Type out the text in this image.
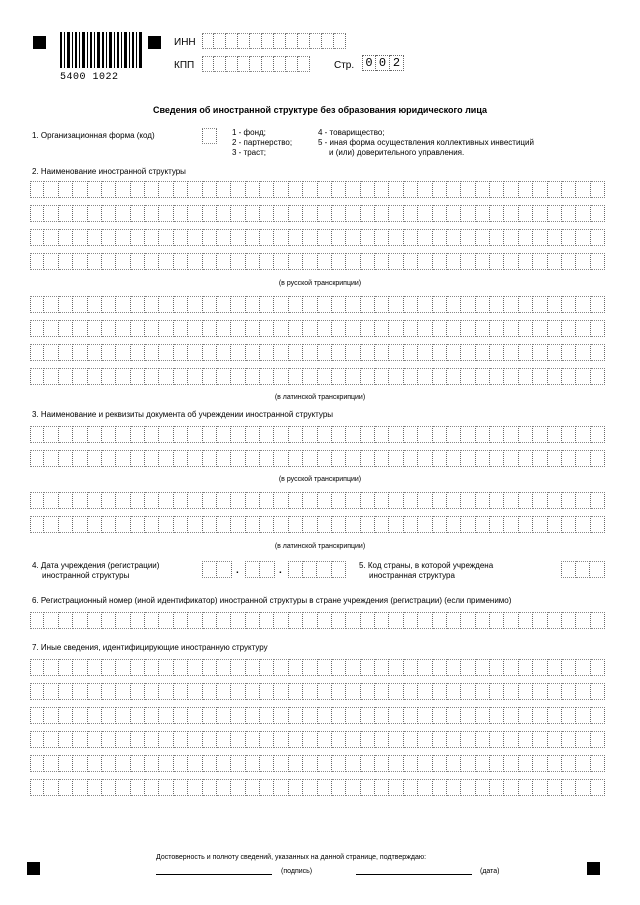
5400 1022
ИНН
КПП	Стр. 0 0 2
Сведения об иностранной структуре без образования юридического лица
1. Организационная форма (код)	1 - фонд;
2 - партнерство;
3 - траст;
4 - товарищество;
5 - иная форма осуществления коллективных инвестиций
и (или) доверительного управления.
2. Наименование иностранной структуры
(в русской транскрипции)
(в латинской транскрипции)
3. Наименование и реквизиты документа об учреждении иностранной структуры
(в русской транскрипции)
(в латинской транскрипции)
4. Дата учреждения (регистрации)
иностранной структуры	.	.	5. Код страны, в которой учреждена
иностранная структура
6. Регистрационный номер (иной идентификатор) иностранной структуры в стране учреждения (регистрации) (если применимо)
7. Иные сведения, идентифицирующие иностранную структуру
Достоверность и полноту сведений, указанных на данной странице, подтверждаю:
(подпись)	(дата)
